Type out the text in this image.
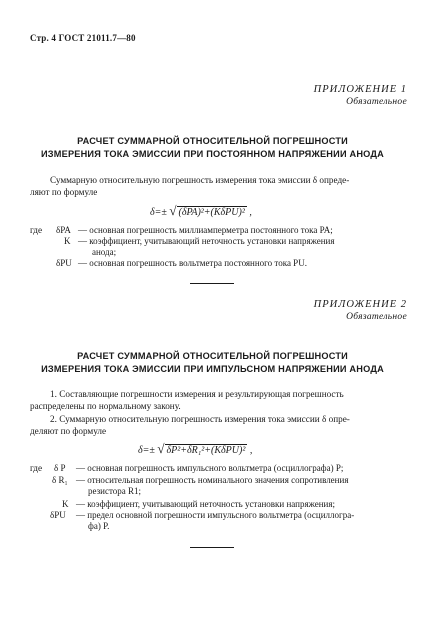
Стр. 4 ГОСТ 21011.7—80
ПРИЛОЖЕНИЕ 1
Обязательное
РАСЧЕТ СУММАРНОЙ ОТНОСИТЕЛЬНОЙ ПОГРЕШНОСТИ
ИЗМЕРЕНИЯ ТОКА ЭМИССИИ ПРИ ПОСТОЯННОМ НАПРЯЖЕНИИ АНОДА
Суммарную относительную погрешность измерения тока эмиссии δ опреде-
ляют по формуле
δ=± √ (δPA)²+(KδPU)² ,
где δPA — основная погрешность миллиамперметра постоянного тока PA;
K — коэффициент, учитывающий неточность установки напряжения
анода;
δPU — основная погрешность вольтметра постоянного тока PU.
ПРИЛОЖЕНИЕ 2
Обязательное
РАСЧЕТ СУММАРНОЙ ОТНОСИТЕЛЬНОЙ ПОГРЕШНОСТИ
ИЗМЕРЕНИЯ ТОКА ЭМИССИИ ПРИ ИМПУЛЬСНОМ НАПРЯЖЕНИИ АНОДА
1. Составляющие погрешности измерения и результирующая погрешность
распределены по нормальному закону.
2. Суммарную относительную погрешность измерения тока эмиссии δ опре-
деляют по формуле
δ=± √ δP²+δR₁²+(KδPU)² ,
где δ P — основная погрешность импульсного вольтметра (осциллографа) P;
δ R₁ — относительная погрешность номинального значения сопротивления
резистора R1;
K — коэффициент, учитывающий неточность установки напряжения;
δPU — предел основной погрешности импульсного вольтметра (осциллогра-
фа) P.
